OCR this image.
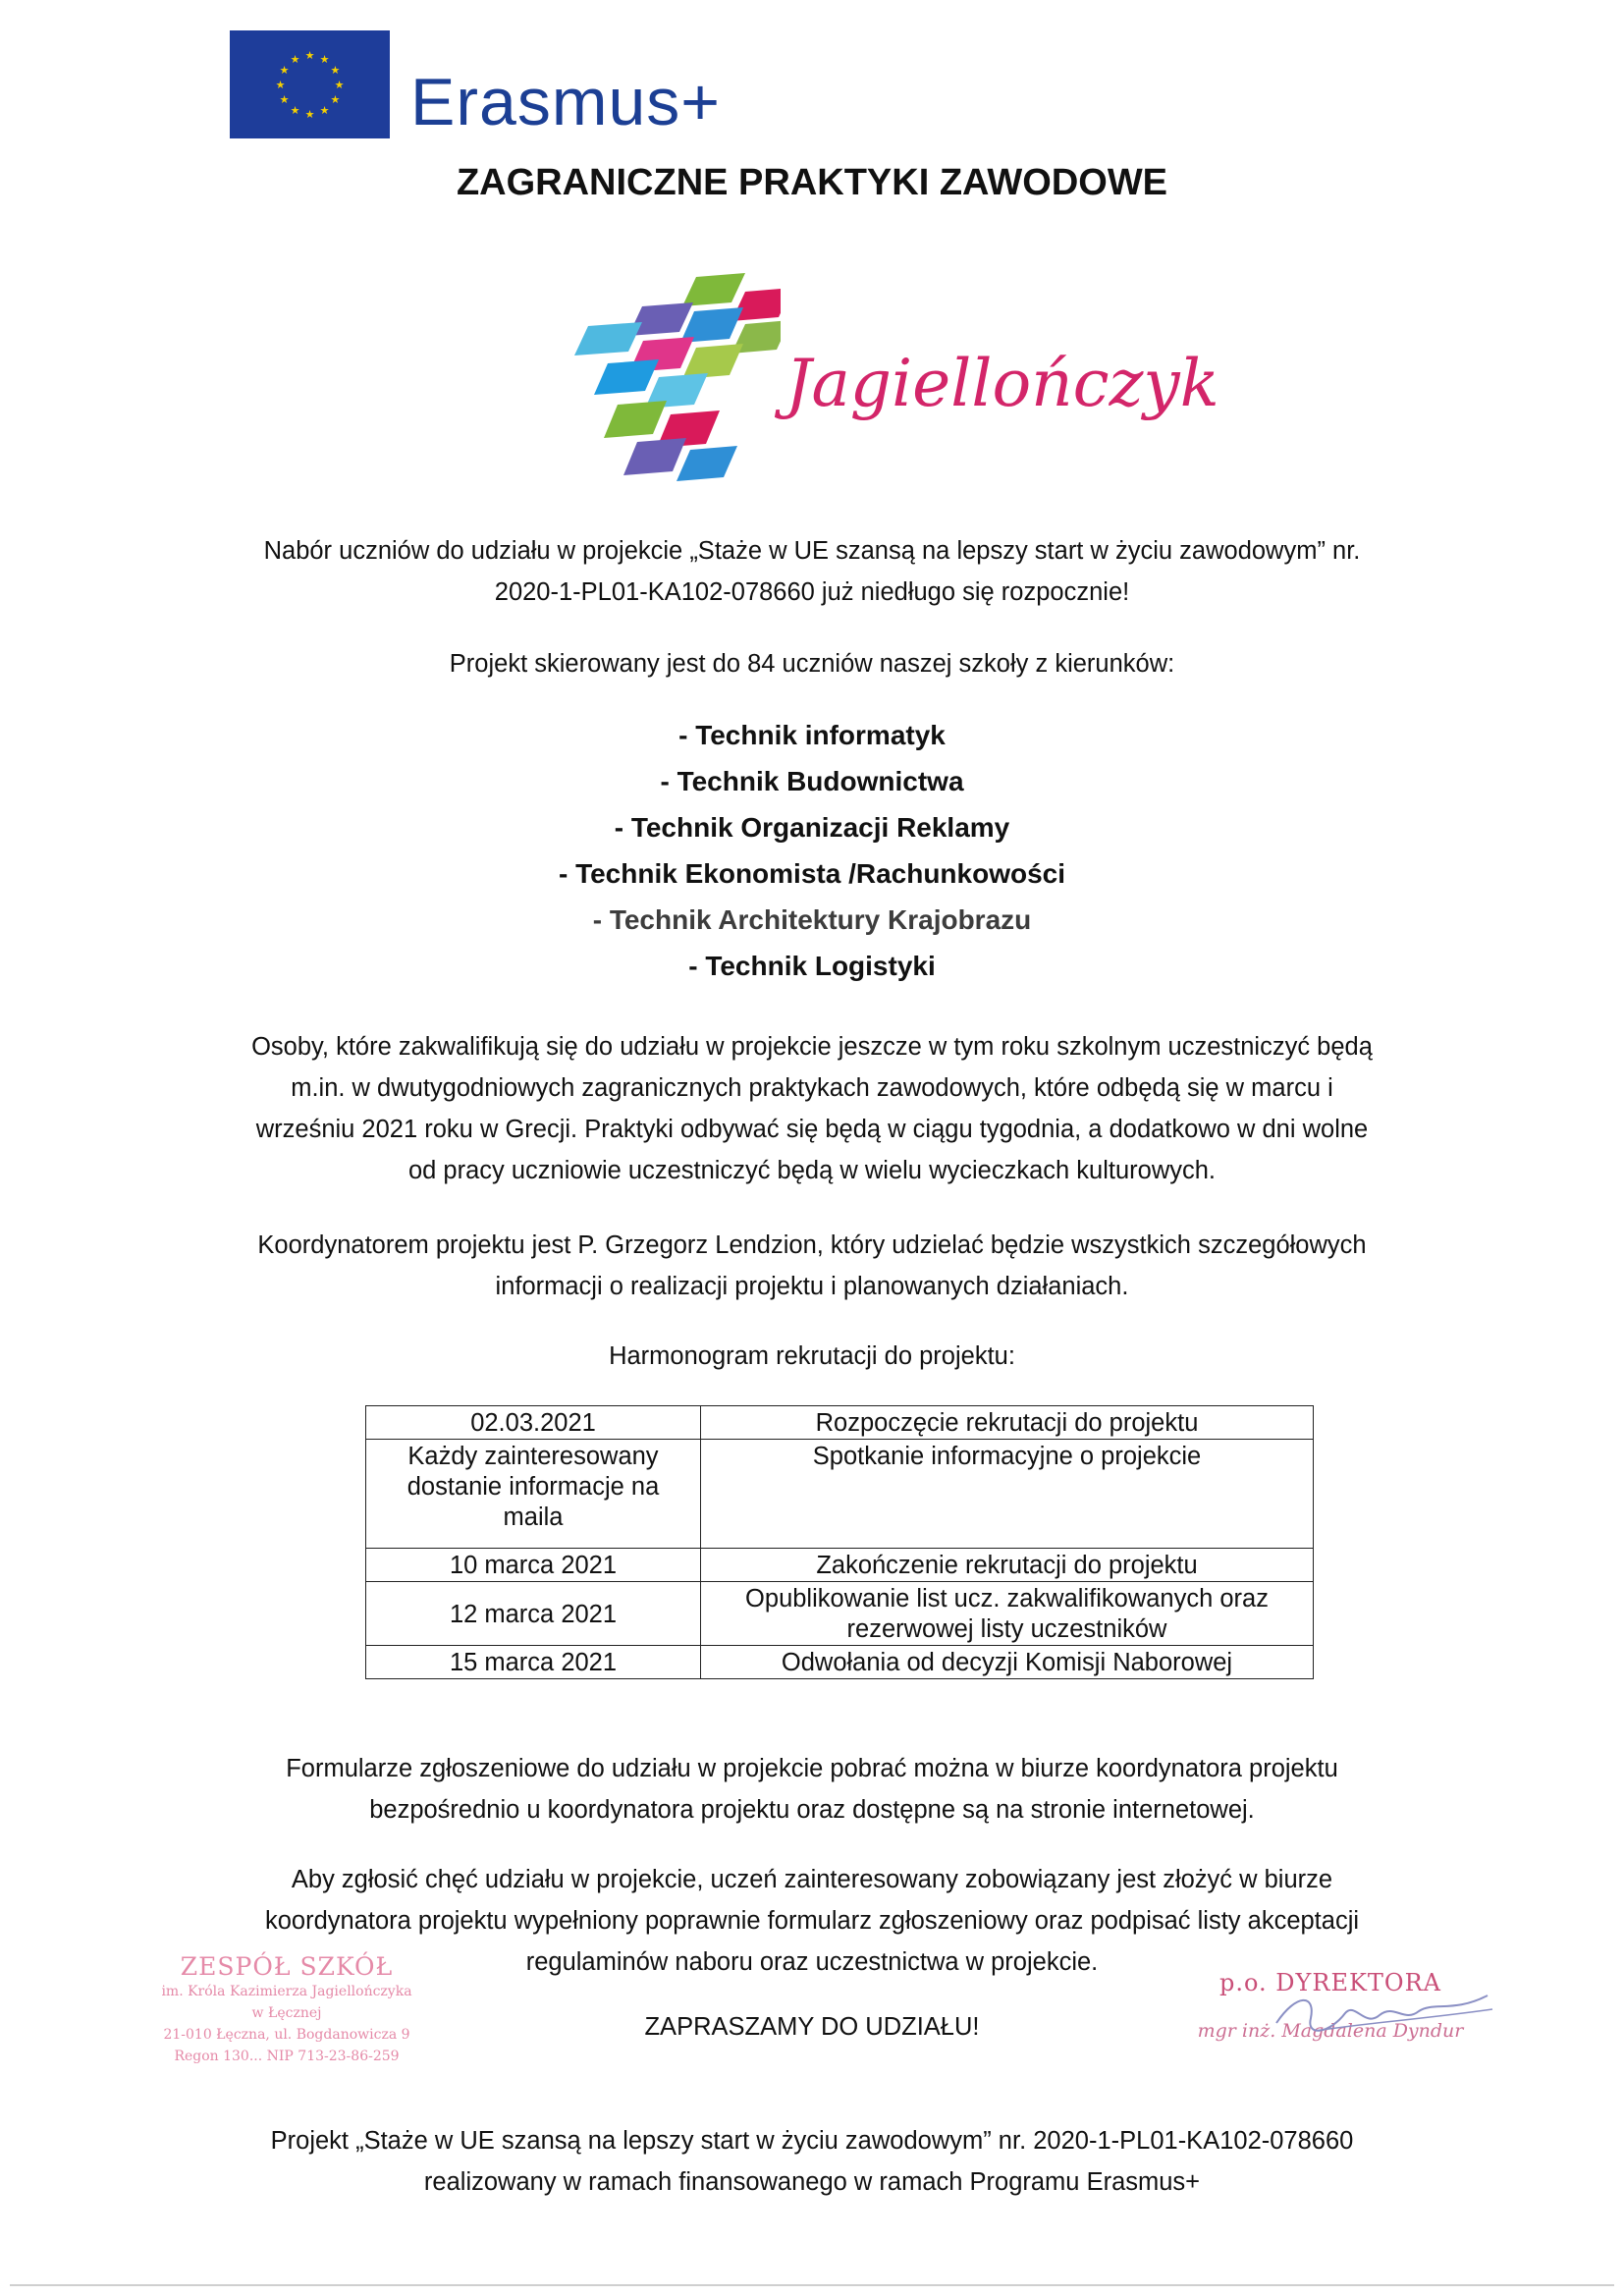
★ ★
★
★
★
★
★
★
★
★
★
★
Erasmus+
ZAGRANICZNE PRAKTYKI ZAWODOWE
Jagiellończyk
Nabór uczniów do udziału w projekcie „Staże w UE szansą na lepszy start w życiu zawodowym” nr.
2020-1-PL01-KA102-078660 już niedługo się rozpocznie!
Projekt skierowany jest do 84 uczniów naszej szkoły z kierunków:
- Technik informatyk
- Technik Budownictwa
- Technik Organizacji Reklamy
- Technik Ekonomista /Rachunkowości
- Technik Architektury Krajobrazu
- Technik Logistyki
Osoby, które zakwalifikują się do udziału w projekcie jeszcze w tym roku szkolnym uczestniczyć będą
m.in. w dwutygodniowych zagranicznych praktykach zawodowych, które odbędą się w marcu i
wrześniu 2021 roku w Grecji. Praktyki odbywać się będą w ciągu tygodnia, a dodatkowo w dni wolne
od pracy uczniowie uczestniczyć będą w wielu wycieczkach kulturowych.
Koordynatorem projektu jest P. Grzegorz Lendzion, który udzielać będzie wszystkich szczegółowych
informacji o realizacji projektu i planowanych działaniach.
Harmonogram rekrutacji do projektu:
02.03.2021	Rozpoczęcie rekrutacji do projektu
Każdy zainteresowany dostanie informacje na maila	Spotkanie informacyjne o projekcie
10 marca 2021	Zakończenie rekrutacji do projektu
12 marca 2021	Opublikowanie list ucz. zakwalifikowanych oraz rezerwowej listy uczestników
15 marca 2021	Odwołania od decyzji Komisji Naborowej
Formularze zgłoszeniowe do udziału w projekcie pobrać można w biurze koordynatora projektu
bezpośrednio u koordynatora projektu oraz dostępne są na stronie internetowej.
Aby zgłosić chęć udziału w projekcie, uczeń zainteresowany zobowiązany jest złożyć w biurze
koordynatora projektu wypełniony poprawnie formularz zgłoszeniowy oraz podpisać listy akceptacji
regulaminów naboru oraz uczestnictwa w projekcie.
ZAPRASZAMY DO UDZIAŁU!
ZESPÓŁ SZKÓŁ
im. Króla Kazimierza Jagiellończyka
w Łęcznej
21-010 Łęczna, ul. Bogdanowicza 9
Regon 130... NIP 713-23-86-259
p.o. DYREKTORA
mgr inż. Magdalena Dyndur
Projekt „Staże w UE szansą na lepszy start w życiu zawodowym” nr. 2020-1-PL01-KA102-078660
realizowany w ramach finansowanego w ramach Programu Erasmus+
